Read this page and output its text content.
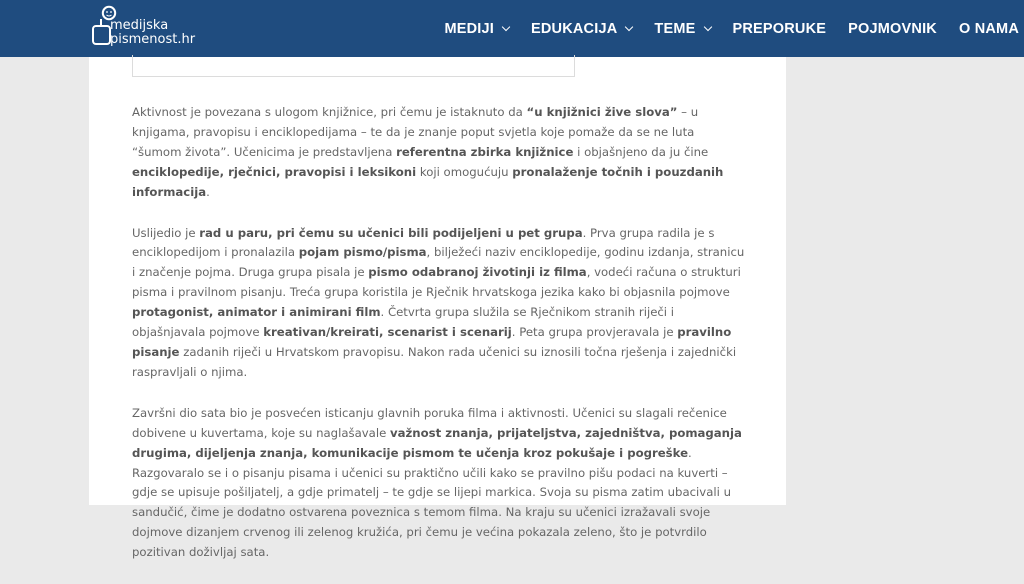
medijska
pismenost.hr
MEDIJI	EDUKACIJA	TEME	PREPORUKE POJMOVNIK O NAMA

Aktivnost je povezana s ulogom knjižnice, pri čemu je istaknuto da “u knjižnici žive slova” – u knjigama, pravopisu i enciklopedijama – te da je znanje poput svjetla koje pomaže da se ne luta “šumom života”. Učenicima je predstavljena referentna zbirka knjižnice i objašnjeno da ju čine enciklopedije, rječnici, pravopisi i leksikoni koji omogućuju pronalaženje točnih i pouzdanih informacija.

Uslijedio je rad u paru, pri čemu su učenici bili podijeljeni u pet grupa. Prva grupa radila je s enciklopedijom i pronalazila pojam pismo/pisma, bilježeći naziv enciklopedije, godinu izdanja, stranicu i značenje pojma. Druga grupa pisala je pismo odabranoj životinji iz filma, vodeći računa o strukturi pisma i pravilnom pisanju. Treća grupa koristila je Rječnik hrvatskoga jezika kako bi objasnila pojmove protagonist, animator i animirani film. Četvrta grupa služila se Rječnikom stranih riječi i objašnjavala pojmove kreativan/kreirati, scenarist i scenarij. Peta grupa provjeravala je pravilno pisanje zadanih riječi u Hrvatskom pravopisu. Nakon rada učenici su iznosili točna rješenja i zajednički raspravljali o njima.

Završni dio sata bio je posvećen isticanju glavnih poruka filma i aktivnosti. Učenici su slagali rečenice dobivene u kuvertama, koje su naglašavale važnost znanja, prijateljstva, zajedništva, pomaganja drugima, dijeljenja znanja, komunikacije pismom te učenja kroz pokušaje i pogreške. Razgovaralo se i o pisanju pisama i učenici su praktično učili kako se pravilno pišu podaci na kuverti – gdje se upisuje pošiljatelj, a gdje primatelj – te gdje se lijepi markica. Svoja su pisma zatim ubacivali u sandučić, čime je dodatno ostvarena poveznica s temom filma. Na kraju su učenici izražavali svoje dojmove dizanjem crvenog ili zelenog kružića, pri čemu je većina pokazala zeleno, što je potvrdilo pozitivan doživljaj sata.
